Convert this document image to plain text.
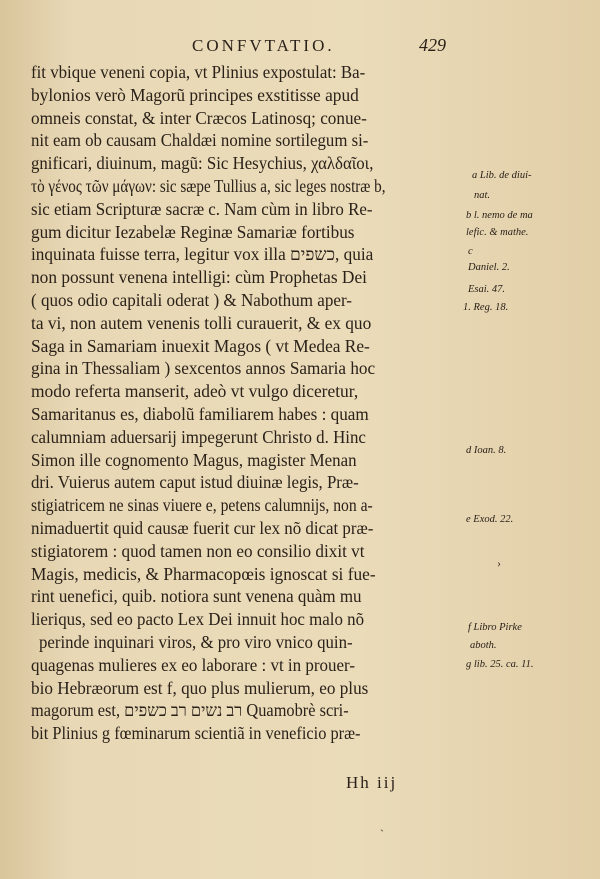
CONFVTATIO.	429
fit vbique veneni copia, vt Plinius expostulat: Ba-
bylonios verò Magorũ principes exstitisse apud
omneis constat, & inter Cræcos Latinosq; conue-
nit eam ob causam Chaldæi nomine sortilegum si-
gnificari, diuinum, magũ: Sic Hesychius, χαλδαῖοι,
τὸ γένος τῶν μάγων: sic sæpe Tullius a, sic leges nostræ b,
sic etiam Scripturæ sacræ c. Nam cùm in libro Re-
gum dicitur Iezabelæ Reginæ Samariæ fortibus
inquinata fuisse terra, legitur vox illa כשפים, quia
non possunt venena intelligi: cùm Prophetas Dei
( quos odio capitali oderat ) & Nabothum aper-
ta vi, non autem venenis tolli curauerit, & ex quo
Saga in Samariam inuexit Magos ( vt Medea Re-
gina in Thessaliam ) sexcentos annos Samaria hoc
modo referta manserit, adeò vt vulgo diceretur,
Samaritanus es, diabolũ familiarem habes : quam
calumniam aduersarij impegerunt Christo d. Hinc
Simon ille cognomento Magus, magister Menan
dri. Vuierus autem caput istud diuinæ legis, Præ-
stigiatricem ne sinas viuere e, petens calumnijs, non a-
nimaduertit quid causæ fuerit cur lex nõ dicat præ-
stigiatorem : quod tamen non eo consilio dixit vt
Magis, medicis, & Pharmacopœis ignoscat si fue-
rint uenefici, quib. notiora sunt venena quàm mu
lieriqus, sed eo pacto Lex Dei innuit hoc malo nõ
perinde inquinari viros, & pro viro vnico quin-
quagenas mulieres ex eo laborare : vt in prouer-
bio Hebræorum est f, quo plus mulierum, eo plus
magorum est, רב נשים רב כשפים Quamobrè scri-
bit Plinius g fœminarum scientiã in veneficio præ-
Hh iij
a Lib. de diui-
nat.
b l. nemo de ma
lefic. & mathe.
c
Daniel. 2.
Esai. 47.
1. Reg. 18.
d Ioan. 8.
e Exod. 22.
f Libro Pirke
aboth.
g lib. 25. ca. 11.
›
ˎ
